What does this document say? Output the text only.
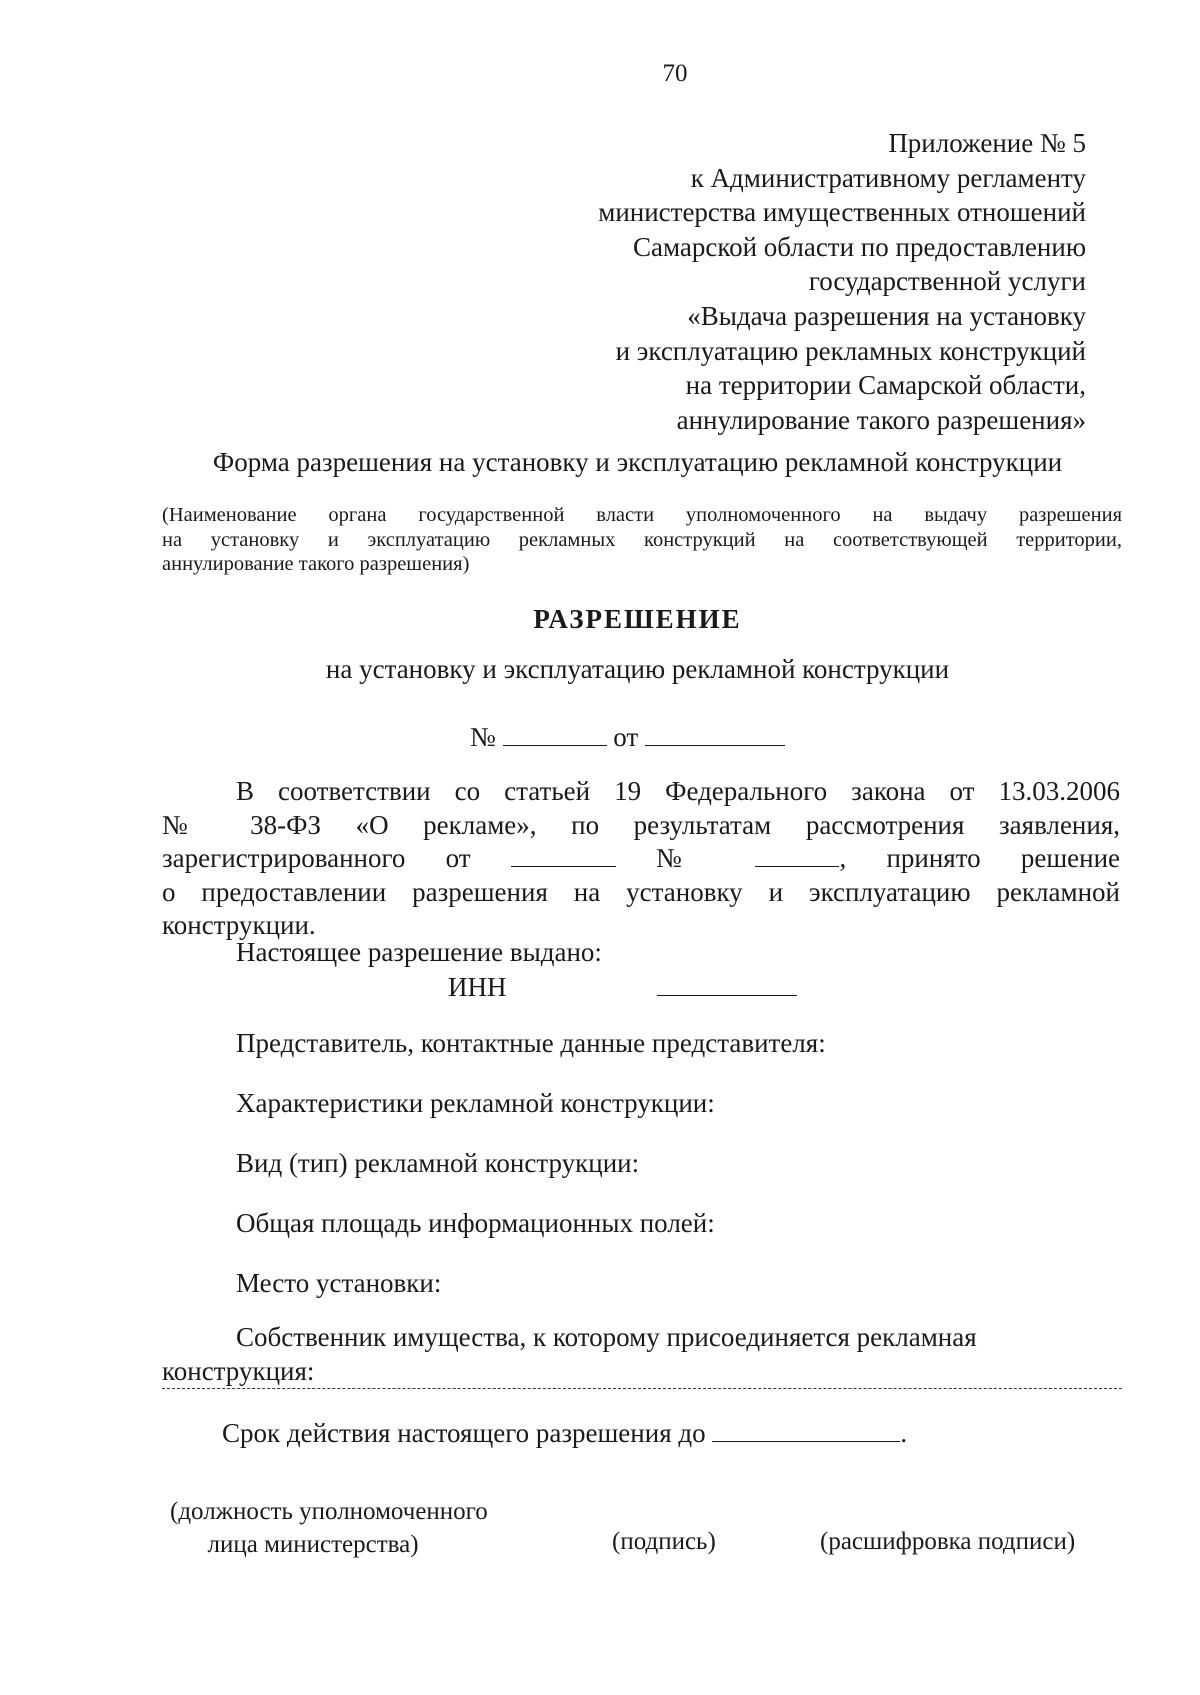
70
Приложение № 5
к Административному регламенту
министерства имущественных отношений
Самарской области по предоставлению
государственной услуги
«Выдача разрешения на установку
и эксплуатацию рекламных конструкций
на территории Самарской области,
аннулирование такого разрешения»
Форма разрешения на установку и эксплуатацию рекламной конструкции
(Наименование органа государственной власти уполномоченного на выдачу разрешения
на установку и эксплуатацию рекламных конструкций на соответствующей территории,
аннулирование такого разрешения)
РАЗРЕШЕНИЕ
на установку и эксплуатацию рекламной конструкции
№	от
В соответствии со статьей 19 Федерального закона от 13.03.2006
№ 38-ФЗ «О рекламе», по результатам рассмотрения заявления,
зарегистрированного от	№	, принято решение
о предоставлении разрешения на установку и эксплуатацию рекламной
конструкции.
Настоящее разрешение выдано:
ИНН
Представитель, контактные данные представителя:
Характеристики рекламной конструкции:
Вид (тип) рекламной конструкции:
Общая площадь информационных полей:
Место установки:
Собственник имущества, к которому присоединяется рекламная
конструкция:
Срок действия настоящего разрешения до	.
(должность уполномоченного
лица министерства)	(подпись)	(расшифровка подписи)
